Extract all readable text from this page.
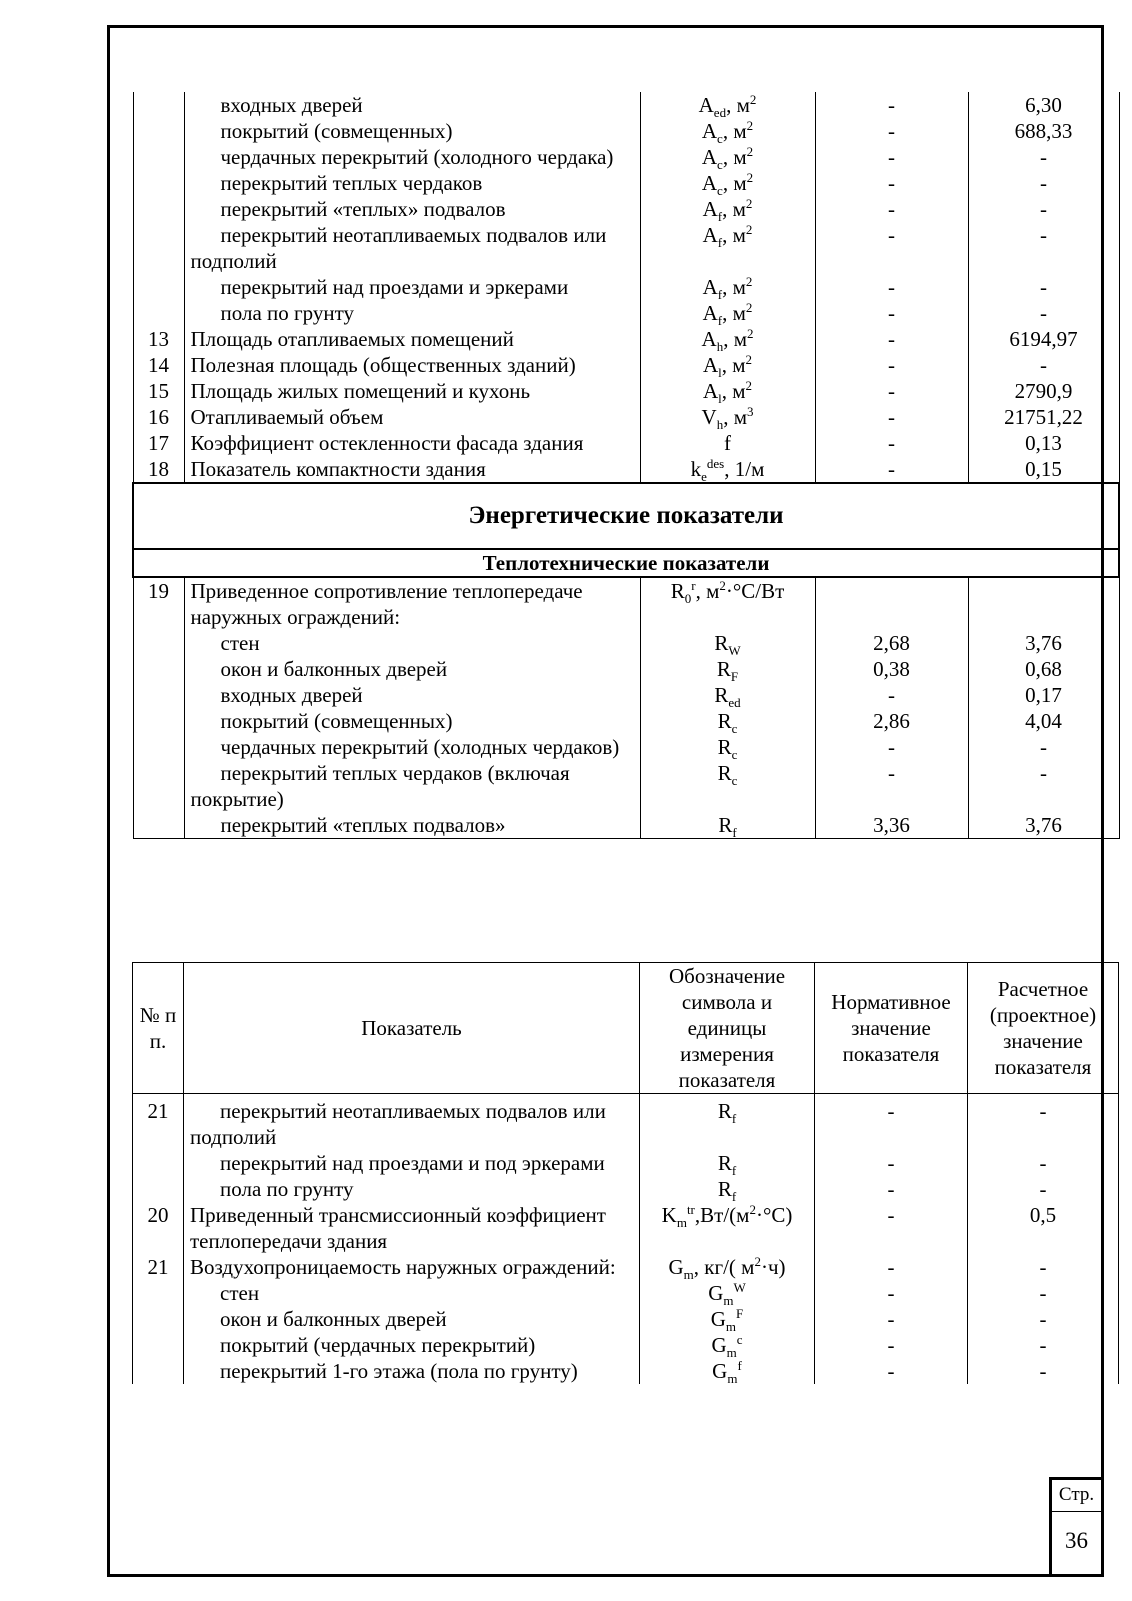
	входных дверей	$A_{ed}$, $м^2$	-	6,30
	покрытий (совмещенных)	$A_c$, $м^2$	-	688,33
	чердачных перекрытий (холодного чердака)	$A_c$, $м^2$	-	-
	перекрытий теплых чердаков	$A_c$, $м^2$	-	-
	перекрытий «теплых» подвалов	$A_f$, $м^2$	-	-
	перекрытий неотапливаемых подвалов или подполий	$A_f$, $м^2$	-	-
	перекрытий над проездами и эркерами	$A_f$, $м^2$	-	-
	пола по грунту	$A_f$, $м^2$	-	-
13	Площадь отапливаемых помещений	$A_h$, $м^2$	-	6194,97
14	Полезная площадь (общественных зданий)	$A_l$, $м^2$	-	-
15	Площадь жилых помещений и кухонь	$A_l$, $м^2$	-	2790,9
16	Отапливаемый объем	$V_h$, $м^3$	-	21751,22
17	Коэффициент остекленности фасада здания	f	-	0,13
18	Показатель компактности здания	$k_e^{des}$, 1/м	-	0,15
Энергетические показатели				
Теплотехнические показатели				
19	Приведенное сопротивление теплопередаче наружных ограждений:	$R_0^r$, $м^2\cdot^\circ С/Вт$		
	стен	$R_W$	2,68	3,76
	окон и балконных дверей	$R_F$	0,38	0,68
	входных дверей	$R_{ed}$	-	0,17
	покрытий (совмещенных)	$R_c$	2,86	4,04
	чердачных перекрытий (холодных чердаков)	$R_c$	-	-
	перекрытий теплых чердаков (включая покрытие)	$R_c$	-	-
	перекрытий «теплых подвалов»	$R_f$	3,36	3,76
№ п п.	Показатель	Обозначение символа и единицы измерения показателя	Нормативное значение показателя	Расчетное (проектное) значение показателя
21	перекрытий неотапливаемых подвалов или подполий	$R_f$	-	-
	перекрытий над проездами и под эркерами	$R_f$	-	-
	пола по грунту	$R_f$	-	-
20	Приведенный трансмиссионный коэффициент теплопередачи здания	$K_m^{tr},Вт/(м^2\cdot^\circ С)$	-	0,5
21	Воздухопроницаемость наружных ограждений:	$G_m$, кг/( $м^2\cdot ч$)	-	-
	стен	$G_m^W$	-	-
	окон и балконных дверей	$G_m^F$	-	-
	покрытий (чердачных перекрытий)	$G_m^c$	-	-
	перекрытий 1-го этажа (пола по грунту)	$G_m^f$	-	-
Стр.
36
